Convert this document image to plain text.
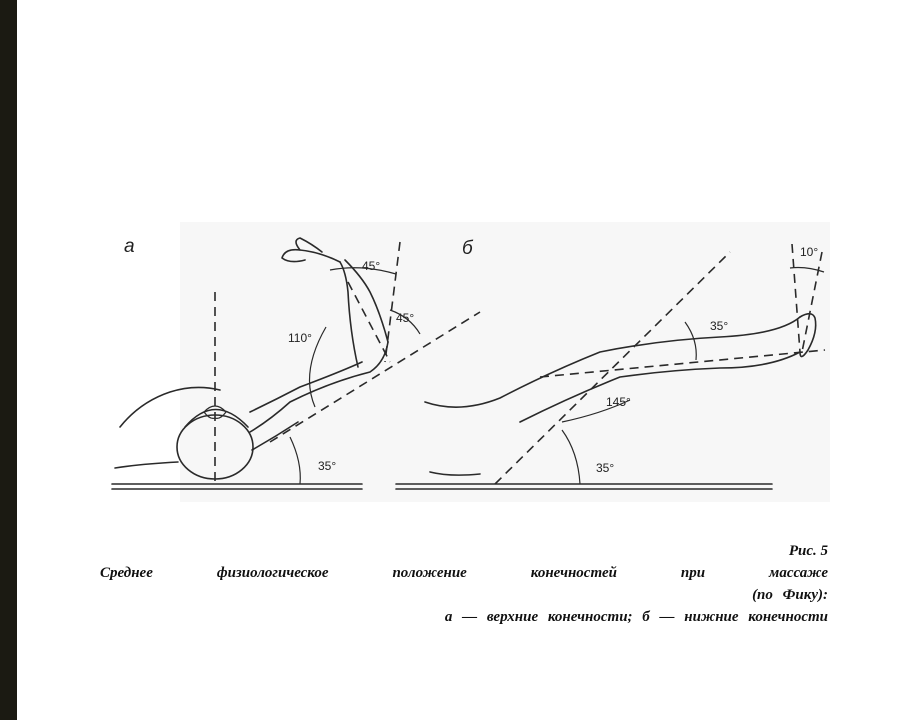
а
45°
45°
110°
35°
б	10°
35°
145°
35°
Рис. 5
Среднее физиологическое положение конечностей при массаже
(по Фику):
а — верхние конечности; б — нижние конечности
